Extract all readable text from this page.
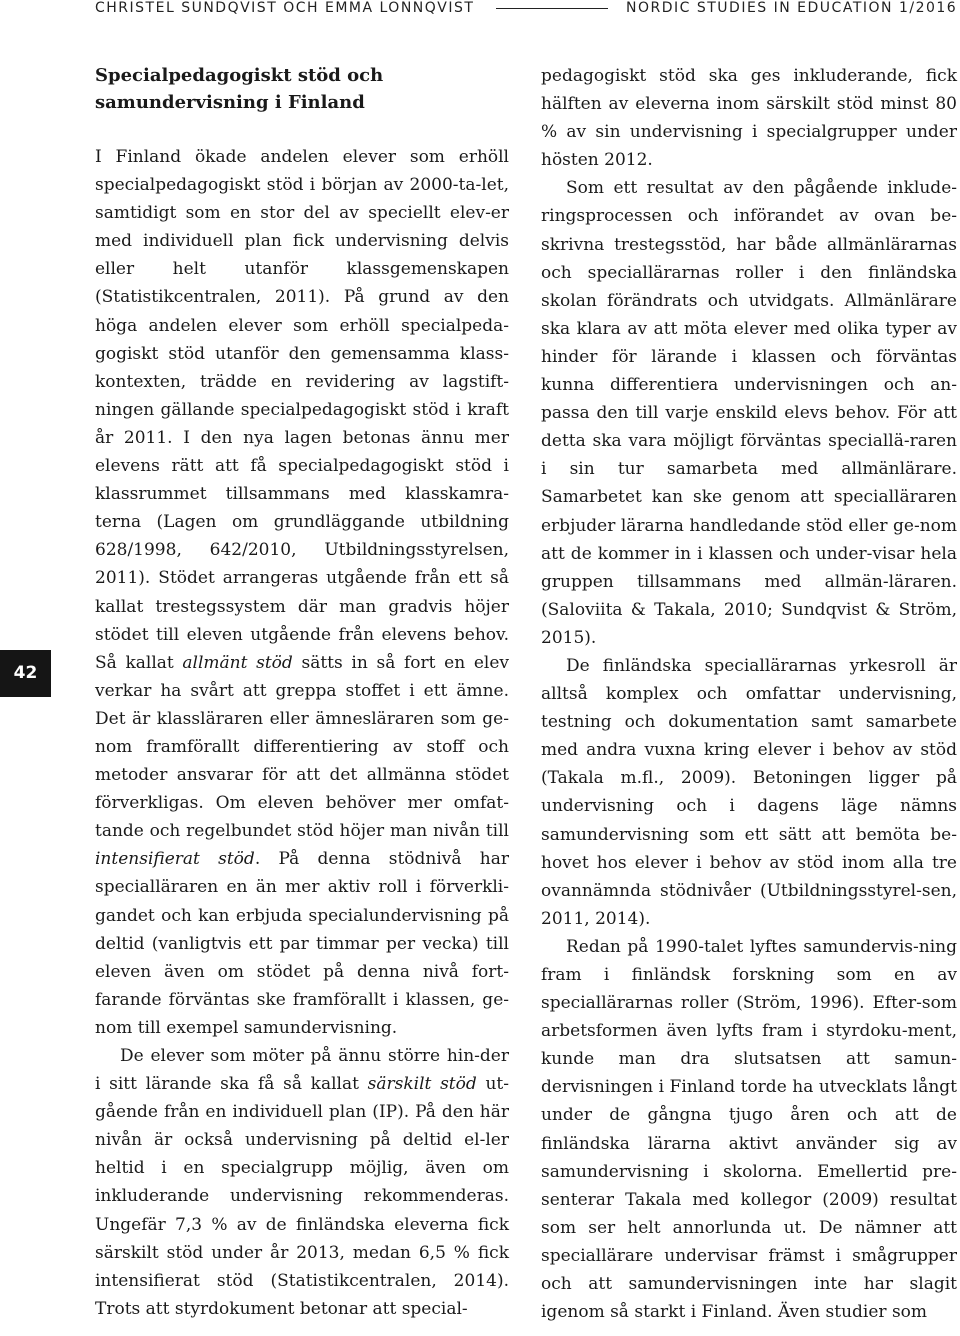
CHRISTEL SUNDQVIST OCH EMMA LÖNNQVIST	NORDIC STUDIES IN EDUCATION 1/2016
42
Specialpedagogiskt stöd och
samundervisning i Finland

I Finland ökade andelen elever som erhöll specialpedagogiskt stöd i början av 2000-ta-let, samtidigt som en stor del av speciellt elev-er med individuell plan fick undervisning delvis eller helt utanför klassgemenskapen (Statistikcentralen, 2011). På grund av den höga andelen elever som erhöll specialpeda-gogiskt stöd utanför den gemensamma klass-kontexten, trädde en revidering av lagstift-ningen gällande specialpedagogiskt stöd i kraft år 2011. I den nya lagen betonas ännu mer elevens rätt att få specialpedagogiskt stöd i klassrummet tillsammans med klasskamra-terna (Lagen om grundläggande utbildning 628/1998, 642/2010, Utbildningsstyrelsen, 2011). Stödet arrangeras utgående från ett så kallat trestegssystem där man gradvis höjer stödet till eleven utgående från elevens behov. Så kallat allmänt stöd sätts in så fort en elev verkar ha svårt att greppa stoffet i ett ämne. Det är klassläraren eller ämnesläraren som ge-nom framförallt differentiering av stoff och metoder ansvarar för att det allmänna stödet förverkligas. Om eleven behöver mer omfat-tande och regelbundet stöd höjer man nivån till intensifierat stöd. På denna stödnivå har specialläraren en än mer aktiv roll i förverkli-gandet och kan erbjuda specialundervisning på deltid (vanligtvis ett par timmar per vecka) till eleven även om stödet på denna nivå fort-farande förväntas ske framförallt i klassen, ge-nom till exempel samundervisning.

De elever som möter på ännu större hin-der i sitt lärande ska få så kallat särskilt stöd ut-gående från en individuell plan (IP). På den här nivån är också undervisning på deltid el-ler heltid i en specialgrupp möjlig, även om inkluderande undervisning rekommenderas. Ungefär 7,3 % av de finländska eleverna fick särskilt stöd under år 2013, medan 6,5 % fick intensifierat stöd (Statistikcentralen, 2014). Trots att styrdokument betonar att special-

pedagogiskt stöd ska ges inkluderande, fick hälften av eleverna inom särskilt stöd minst 80 % av sin undervisning i specialgrupper under hösten 2012.

Som ett resultat av den pågående inklude-ringsprocessen och införandet av ovan be-skrivna trestegsstöd, har både allmänlärarnas och speciallärarnas roller i den finländska skolan förändrats och utvidgats. Allmänlärare ska klara av att möta elever med olika typer av hinder för lärande i klassen och förväntas kunna differentiera undervisningen och an-passa den till varje enskild elevs behov. För att detta ska vara möjligt förväntas speciallä-raren i sin tur samarbeta med allmänlärare. Samarbetet kan ske genom att specialläraren erbjuder lärarna handledande stöd eller ge-nom att de kommer in i klassen och under-visar hela gruppen tillsammans med allmän-läraren. (Saloviita & Takala, 2010; Sundqvist & Ström, 2015).

De finländska speciallärarnas yrkesroll är alltså komplex och omfattar undervisning, testning och dokumentation samt samarbete med andra vuxna kring elever i behov av stöd (Takala m.fl., 2009). Betoningen ligger på undervisning och i dagens läge nämns samundervisning som ett sätt att bemöta be-hovet hos elever i behov av stöd inom alla tre ovannämnda stödnivåer (Utbildningsstyrel-sen, 2011, 2014).

Redan på 1990-talet lyftes samundervis-ning fram i finländsk forskning som en av speciallärarnas roller (Ström, 1996). Efter-som arbetsformen även lyfts fram i styrdoku-ment, kunde man dra slutsatsen att samun-dervisningen i Finland torde ha utvecklats långt under de gångna tjugo åren och att de finländska lärarna aktivt använder sig av samundervisning i skolorna. Emellertid pre-senterar Takala med kollegor (2009) resultat som ser helt annorlunda ut. De nämner att speciallärare undervisar främst i smågrupper och att samundervisningen inte har slagit igenom så starkt i Finland. Även studier som
